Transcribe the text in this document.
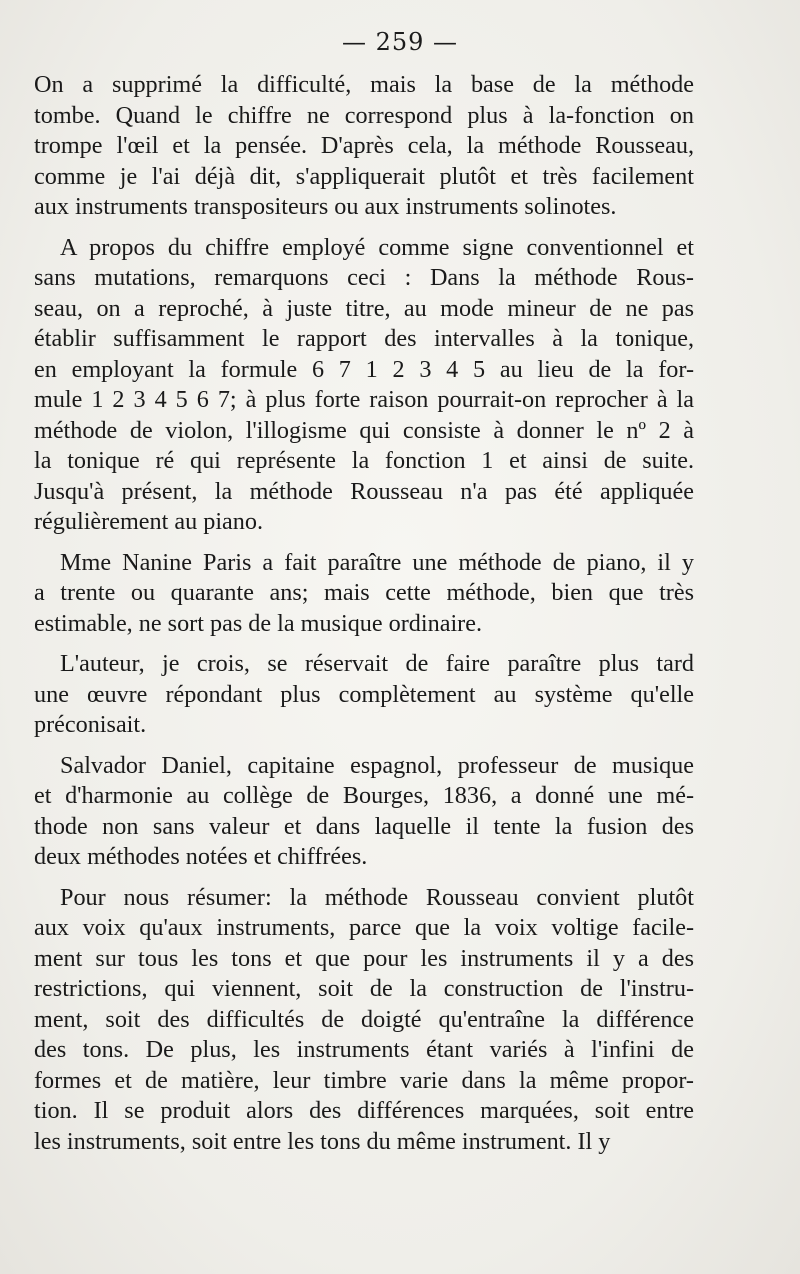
— 259 —
On a supprimé la difficulté, mais la base de la méthode
tombe. Quand le chiffre ne correspond plus à la-fonction on
trompe l'œil et la pensée. D'après cela, la méthode Rousseau,
comme je l'ai déjà dit, s'appliquerait plutôt et très facilement
aux instruments transpositeurs ou aux instruments solinotes.
A propos du chiffre employé comme signe conventionnel et
sans mutations, remarquons ceci : Dans la méthode Rous-
seau, on a reproché, à juste titre, au mode mineur de ne pas
établir suffisamment le rapport des intervalles à la tonique,
en employant la formule 6 7 1 2 3 4 5 au lieu de la for-
mule 1 2 3 4 5 6 7; à plus forte raison pourrait-on reprocher à la
méthode de violon, l'illogisme qui consiste à donner le nº 2 à
la tonique ré qui représente la fonction 1 et ainsi de suite.
Jusqu'à présent, la méthode Rousseau n'a pas été appliquée
régulièrement au piano.
Mme Nanine Paris a fait paraître une méthode de piano, il y
a trente ou quarante ans; mais cette méthode, bien que très
estimable, ne sort pas de la musique ordinaire.
L'auteur, je crois, se réservait de faire paraître plus tard
une œuvre répondant plus complètement au système qu'elle
préconisait.
Salvador Daniel, capitaine espagnol, professeur de musique
et d'harmonie au collège de Bourges, 1836, a donné une mé-
thode non sans valeur et dans laquelle il tente la fusion des
deux méthodes notées et chiffrées.
Pour nous résumer: la méthode Rousseau convient plutôt
aux voix qu'aux instruments, parce que la voix voltige facile-
ment sur tous les tons et que pour les instruments il y a des
restrictions, qui viennent, soit de la construction de l'instru-
ment, soit des difficultés de doigté qu'entraîne la différence
des tons. De plus, les instruments étant variés à l'infini de
formes et de matière, leur timbre varie dans la même propor-
tion. Il se produit alors des différences marquées, soit entre
les instruments, soit entre les tons du même instrument. Il y
